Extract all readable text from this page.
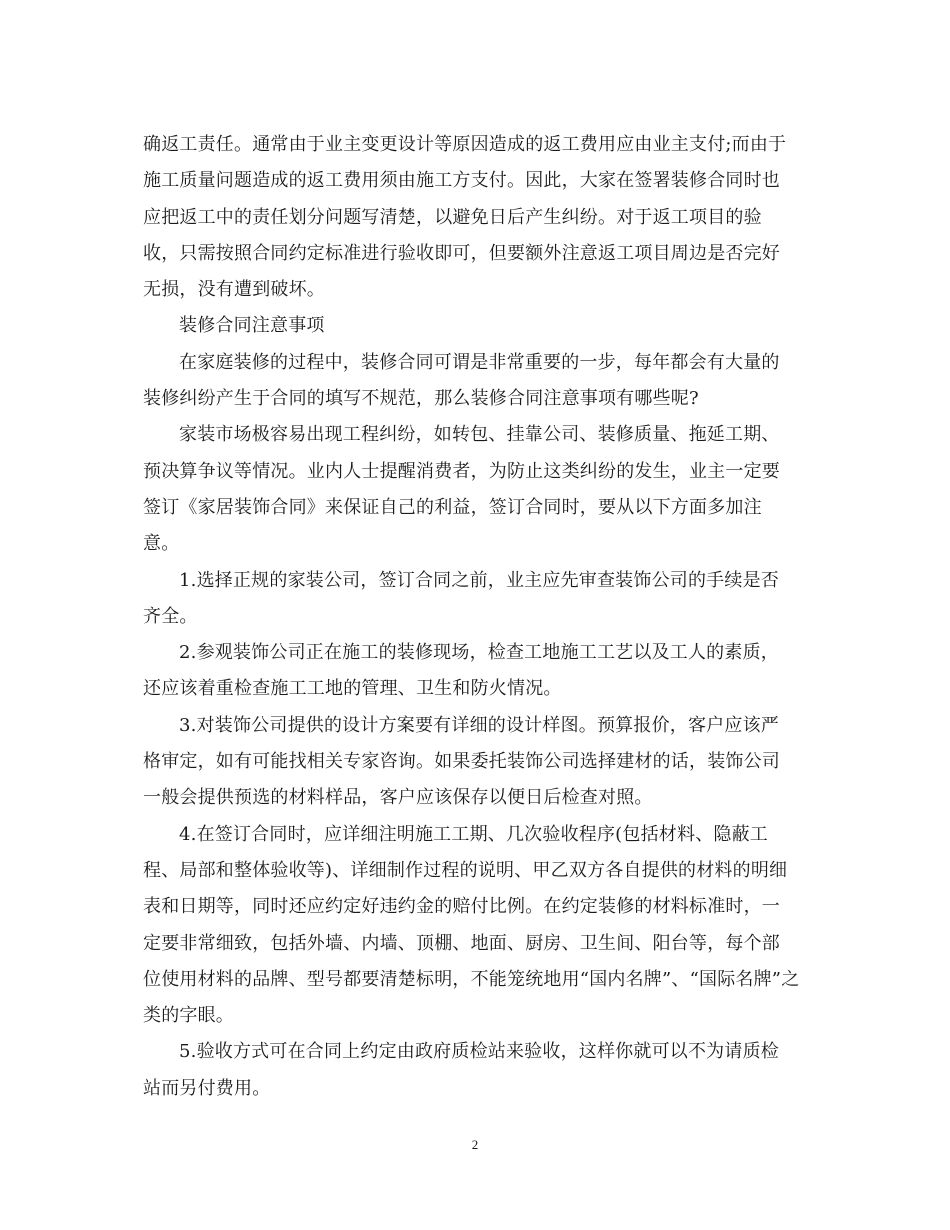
确返工责任。通常由于业主变更设计等原因造成的返工费用应由业主支付;而由于
施工质量问题造成的返工费用须由施工方支付。因此，大家在签署装修合同时也
应把返工中的责任划分问题写清楚，以避免日后产生纠纷。对于返工项目的验
收，只需按照合同约定标准进行验收即可，但要额外注意返工项目周边是否完好
无损，没有遭到破坏。
装修合同注意事项
在家庭装修的过程中，装修合同可谓是非常重要的一步，每年都会有大量的
装修纠纷产生于合同的填写不规范，那么装修合同注意事项有哪些呢?
家装市场极容易出现工程纠纷，如转包、挂靠公司、装修质量、拖延工期、
预决算争议等情况。业内人士提醒消费者，为防止这类纠纷的发生，业主一定要
签订《家居装饰合同》来保证自己的利益，签订合同时，要从以下方面多加注
意。
1.选择正规的家装公司，签订合同之前，业主应先审查装饰公司的手续是否
齐全。
2.参观装饰公司正在施工的装修现场，检查工地施工工艺以及工人的素质，
还应该着重检查施工工地的管理、卫生和防火情况。
3.对装饰公司提供的设计方案要有详细的设计样图。预算报价，客户应该严
格审定，如有可能找相关专家咨询。如果委托装饰公司选择建材的话，装饰公司
一般会提供预选的材料样品，客户应该保存以便日后检查对照。
4.在签订合同时，应详细注明施工工期、几次验收程序(包括材料、隐蔽工
程、局部和整体验收等)、详细制作过程的说明、甲乙双方各自提供的材料的明细
表和日期等，同时还应约定好违约金的赔付比例。在约定装修的材料标准时，一
定要非常细致，包括外墙、内墙、顶棚、地面、厨房、卫生间、阳台等，每个部
位使用材料的品牌、型号都要清楚标明，不能笼统地用“国内名牌”、“国际名牌”之
类的字眼。
5.验收方式可在合同上约定由政府质检站来验收，这样你就可以不为请质检
站而另付费用。
2
